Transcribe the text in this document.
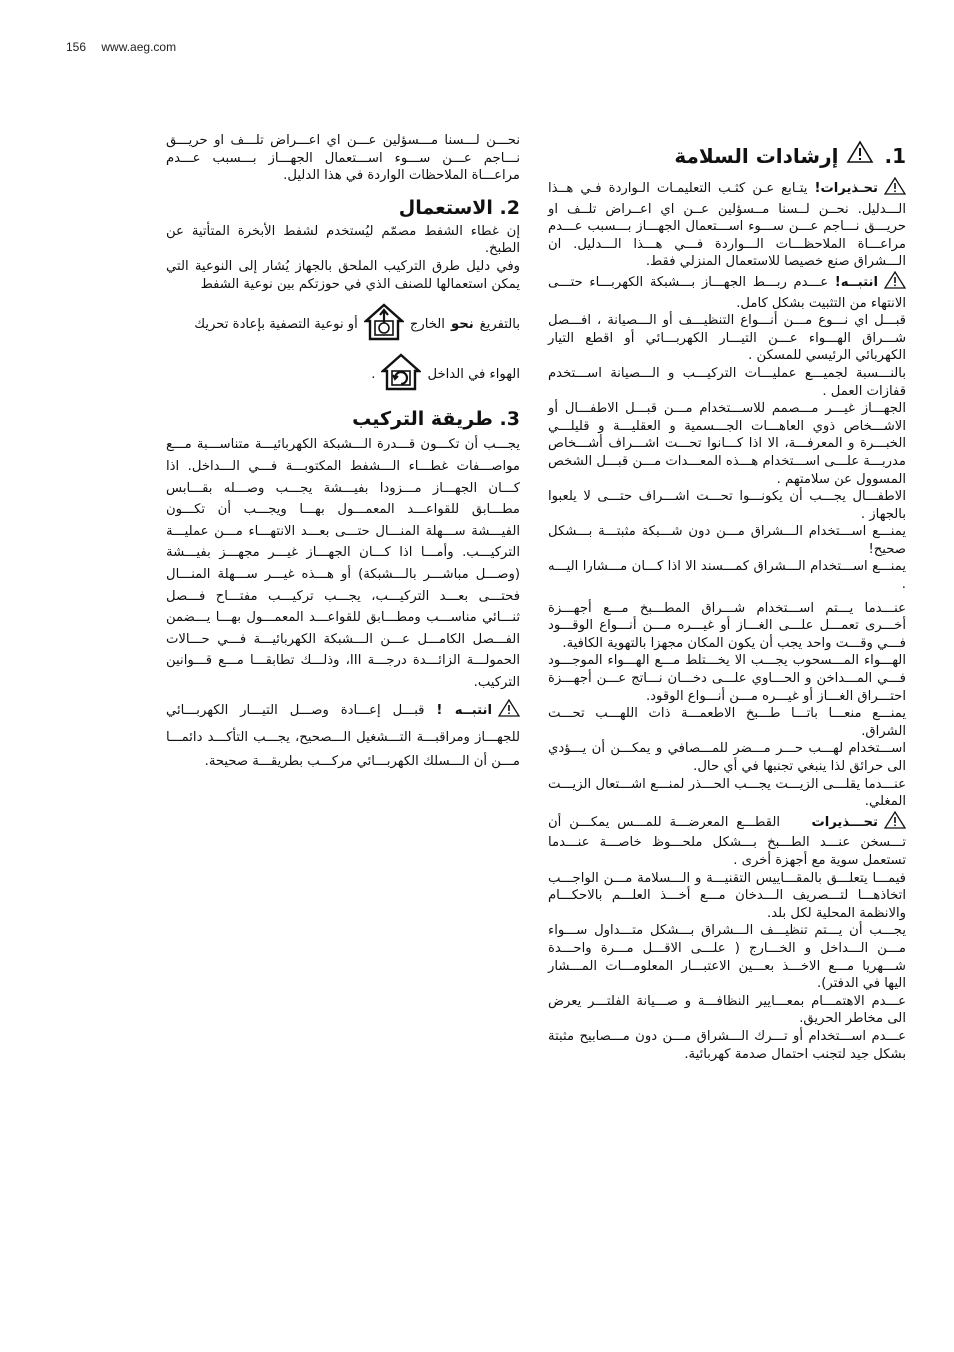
156 www.aeg.com
1.
إرشادات السلامة

تحـذيرات! يتـابع عـن كثـب التعليمـات الـواردة فـي هــذا الـــدليل. نحــن لــسنا مــسؤلين عــن اي اعــراض تلــف او حريـــق نـــاجم عـــن ســـوء اســـتعمال الجهـــاز بـــسبب عـــدم مراعـــاة الملاحظـــات الـــواردة فـــي هـــذا الـــدليل. ان الـــشراق صنع خصيصا للاستعمال المنزلي فقط.

انتبــه! عـــدم ربـــط الجهـــاز بـــشبكة الكهربـــاء حتـــى الانتهاء من التثبيت بشكل كامل.

قبـــل اي نـــوع مـــن أنـــواع التنظيـــف أو الـــصيانة ، افـــصل شـــراق الهـــواء عـــن التيـــار الكهربـــائي أو اقطع التيار الكهربائي الرئيسي للمسكن .

بالنـــسبة لجميـــع عمليـــات التركيـــب و الـــصيانة اســـتخدم قفازات العمل .

الجهـــاز غيـــر مـــصمم للاســـتخدام مـــن قبـــل الاطفـــال أو الاشـــخاص ذوي العاهـــات الجـــسمية و العقليـــة و قليلـــي الخبـــرة و المعرفـــة، الا اذا كـــانوا تحـــت اشـــراف أشـــخاص مدربـــة علـــى اســـتخدام هـــذه المعـــدات مـــن قبـــل الشخص المسوول عن سلامتهم .

الاطفـــال يجـــب أن يكونـــوا تحـــت اشـــراف حتـــى لا يلعبوا بالجهاز .

يمنـــع اســـتخدام الـــشراق مـــن دون شـــبكة مثبتـــة بـــشكل صحيح!

يمنـــع اســـتخدام الـــشراق كمـــسند الا اذا كـــان مـــشارا اليـــه .

عنـــدما يـــتم اســـتخدام شـــراق المطـــبخ مـــع أجهـــزة أخـــرى تعمـــل علـــى الغـــاز أو غيـــره مـــن أنـــواع الوقـــود فـــي وقـــت واحد يجب أن يكون المكان مجهزا بالتهوية الكافية.

الهـــواء المـــسحوب يجـــب الا يخـــتلط مـــع الهـــواء الموجـــود فـــي المـــداخن و الحـــاوي علـــى دخـــان نـــاتج عـــن أجهـــزة احتـــراق الغـــاز أو غيـــره مـــن أنـــواع الوقود.

يمنـــع منعـــا باتـــا طـــبخ الاطعمـــة ذات اللهـــب تحـــت الشراق.

اســـتخدام لهـــب حـــر مـــضر للمـــصافي و يمكـــن أن يـــؤدي الى حرائق لذا ينبغي تجنبها في أي حال.

عنـــدما يقلـــى الزيـــت يجـــب الحـــذر لمنـــع اشـــتعال الزيـــت المغلي.

تحـــذيرات    القطـــع المعرضـــة للمـــس يمكـــن أن تـــسخن عنـــد الطـــبخ بـــشكل ملحـــوظ خاصـــة عنـــدما تستعمل سوية مع أجهزة أخرى .

فيمـــا يتعلـــق بالمقـــاييس التقنيـــة و الـــسلامة مـــن الواجـــب اتخاذهـــا لتـــصريف الـــدخان مـــع أخـــذ العلـــم بالاحكـــام والانظمة المحلية لكل بلد.

يجـــب أن يـــتم تنظيـــف الـــشراق بـــشكل متـــداول ســـواء مـــن الـــداخل و الخـــارج ( علـــى الاقـــل مـــرة واحـــدة شـــهريا مـــع الاخـــذ بعـــين الاعتبـــار المعلومـــات المـــشار اليها في الدفتر).

عـــدم الاهتمـــام بمعـــايير النظافـــة و صـــيانة الفلتـــر يعرض الى مخاطر الحريق.

عـــدم اســـتخدام أو تـــرك الـــشراق مـــن دون مـــصابيح مثبتة بشكل جيد لتجنب احتمال صدمة كهربائية.

نحـــن لـــسنا مـــسؤلين عـــن اي اعـــراض تلـــف او حريـــق نـــاجم عـــن ســـوء اســـتعمال الجهـــاز بـــسبب عـــدم مراعـــاة الملاحظات الواردة في هذا الدليل.

2. الاستعمال

إن غطاء الشفط مصمّم ليُستخدم لشفط الأبخرة المتأتية عن الطبخ.

وفي دليل طرق التركيب الملحق بالجهاز يُشار إلى النوعية التي يمكن استعمالها للصنف الذي في حوزتكم بين نوعية الشفط

بالتفريغ
نحو
الخارج
أو نوعية التصفية بإعادة تحريك
الهواء في الداخل
.
3. طريقة التركيب

يجـــب أن تكـــون قـــدرة الـــشبكة الكهربائيـــة متناســـبة مـــع مواصـــفات غطـــاء الـــشفط المكتوبـــة فـــي الـــداخل. اذا كـــان الجهـــاز مـــزودا بفيـــشة يجـــب وصـــله بقـــابس مطـــابق للقواعـــد المعمـــول بهـــا ويجـــب أن تكـــون الفيـــشة ســـهلة المنـــال حتـــى بعـــد الانتهـــاء مـــن عمليـــة التركيـــب. وأمـــا اذا كـــان الجهـــاز غيـــر مجهـــز بفيـــشة (وصـــل مباشـــر بالـــشبكة) أو هـــذه غيـــر ســـهلة المنـــال فحتـــى بعـــد التركيـــب، يجـــب تركيـــب مفتـــاح فـــصل ثنـــائي مناســـب ومطـــابق للقواعـــد المعمـــول بهـــا يـــضمن الفـــصل الكامـــل عـــن الـــشبكة الكهربائيـــة فـــي حـــالات الحمولـــة الزائـــدة درجـــة III، وذلـــك تطابقـــا مـــع قـــوانين التركيب.

انتبــه ! قبـــل إعـــادة وصـــل التيـــار الكهربـــائي للجهـــاز ومراقبـــة التـــشغيل الـــصحيح، يجـــب التأكـــد دائمـــا مـــن أن الـــسلك الكهربـــائي مركـــب بطريقـــة صحيحة.
